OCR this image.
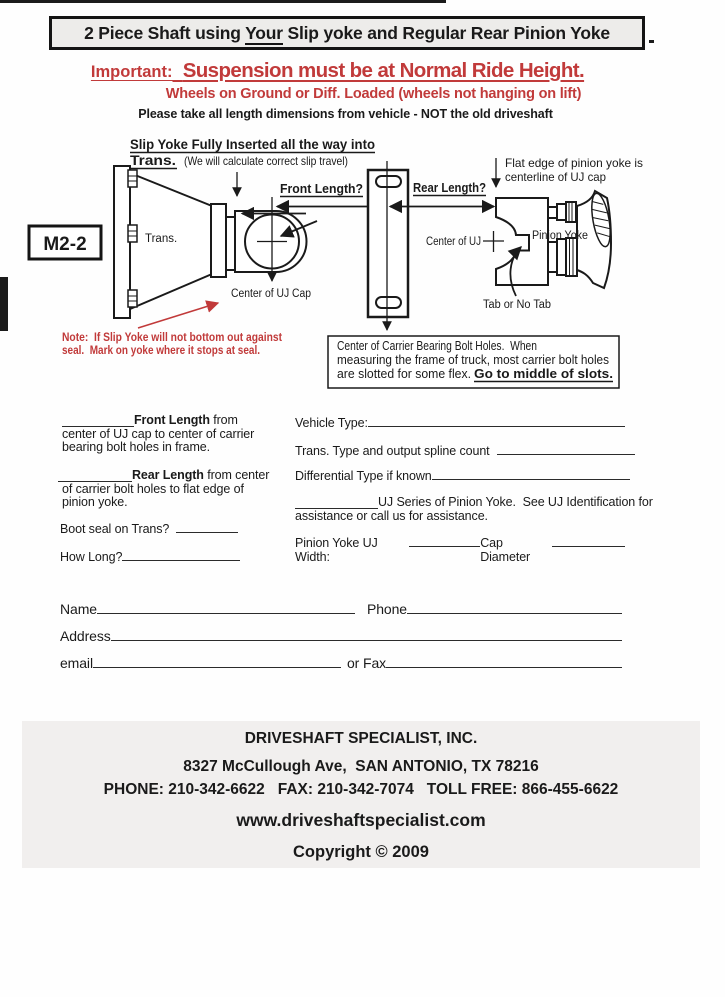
2 Piece Shaft using Your Slip yoke and Regular Rear Pinion Yoke
Important: Suspension must be at Normal Ride Height.
Wheels on Ground or Diff. Loaded (wheels not hanging on lift)
Please take all length dimensions from vehicle - NOT the old driveshaft
Slip Yoke Fully Inserted all the way into
Trans. (We will calculate correct slip travel)
M2-2	Trans.
Center of UJ Cap
Front Length?	Rear Length?
Flat edge of pinion yoke is
centerline of UJ cap
Pinion Yoke
Center of UJ
Tab or No Tab
Note:  If Slip Yoke will not bottom out against
seal.  Mark on yoke where it stops at seal.	Center of Carrier Bearing Bolt Holes.  When
measuring the frame of truck, most carrier bolt holes
are slotted for some flex. Go to middle of slots.
Front Length from
center of UJ cap to center of carrier
bearing bolt holes in frame.
Rear Length from center
of carrier bolt holes to flat edge of
pinion yoke.
Boot seal on Trans?
How Long?
Vehicle Type:
Trans. Type and output spline count
Differential Type if known
UJ Series of Pinion Yoke.  See UJ Identification for
assistance or call us for assistance.
Pinion Yoke UJ Width:
Cap Diameter
Name	Phone
Address
email	or Fax
DRIVESHAFT SPECIALIST, INC.
8327 McCullough Ave,  SAN ANTONIO, TX 78216
PHONE: 210-342-6622   FAX: 210-342-7074   TOLL FREE: 866-455-6622
www.driveshaftspecialist.com
Copyright © 2009
